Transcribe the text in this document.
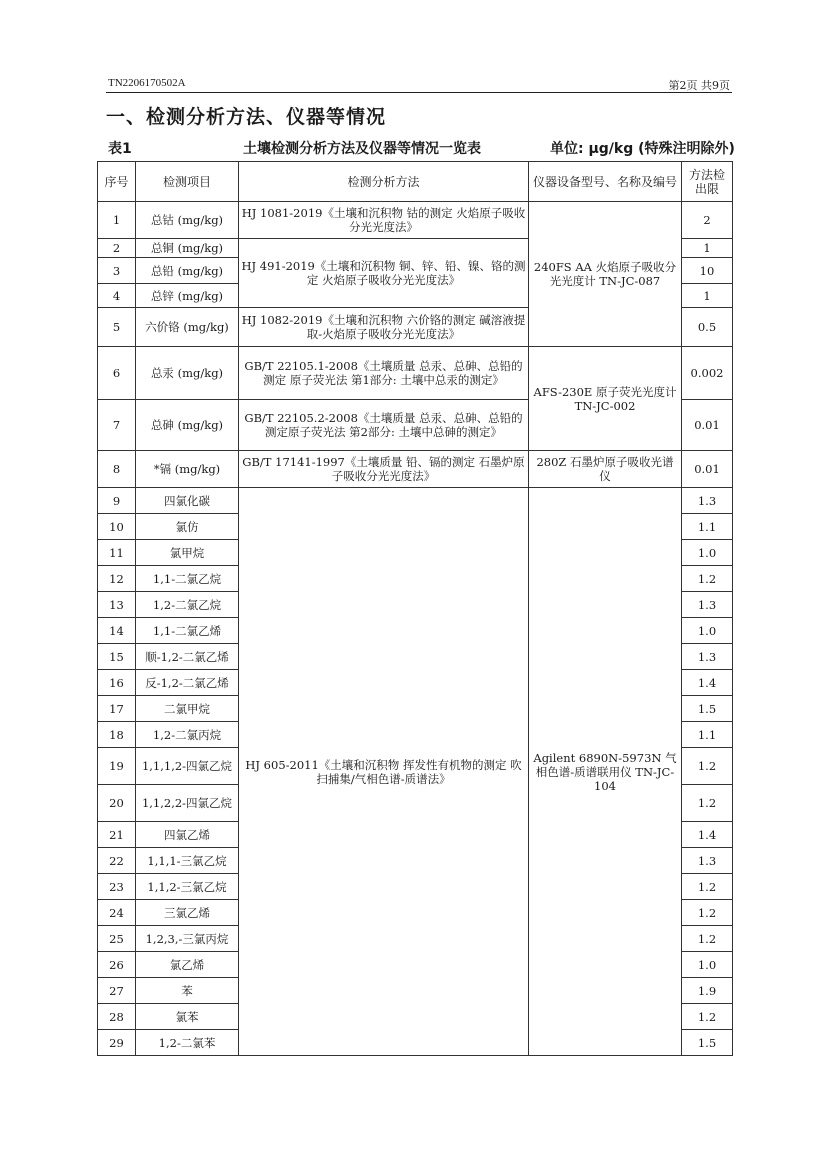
TN2206170502A	第2页 共9页
一、检测分析方法、仪器等情况
表1	土壤检测分析方法及仪器等情况一览表	单位: μg/kg (特殊注明除外)
序号	检测项目	检测分析方法	仪器设备型号、名称及编号	方法检出限
1	总钴 (mg/kg)	HJ 1081-2019《土壤和沉积物 钴的测定 火焰原子吸收分光光度法》	240FS AA 火焰原子吸收分光光度计 TN-JC-087	2
2	总铜 (mg/kg)	HJ 491-2019《土壤和沉积物 铜、锌、铅、镍、铬的测定 火焰原子吸收分光光度法》		1
3	总铅 (mg/kg)			10
4	总锌 (mg/kg)			1
5	六价铬 (mg/kg)	HJ 1082-2019《土壤和沉积物 六价铬的测定 碱溶液提取-火焰原子吸收分光光度法》		0.5
6	总汞 (mg/kg)	GB/T 22105.1-2008《土壤质量 总汞、总砷、总铅的测定 原子荧光法 第1部分: 土壤中总汞的测定》	AFS-230E 原子荧光光度计 TN-JC-002	0.002
7	总砷 (mg/kg)	GB/T 22105.2-2008《土壤质量 总汞、总砷、总铅的测定原子荧光法 第2部分: 土壤中总砷的测定》		0.01
8	*镉 (mg/kg)	GB/T 17141-1997《土壤质量 铅、镉的测定 石墨炉原子吸收分光光度法》	280Z 石墨炉原子吸收光谱仪	0.01
9	四氯化碳	HJ 605-2011《土壤和沉积物 挥发性有机物的测定 吹扫捕集/气相色谱-质谱法》	Agilent 6890N-5973N 气相色谱-质谱联用仪 TN-JC-104	1.3
10	氯仿			1.1
11	氯甲烷			1.0
12	1,1-二氯乙烷			1.2
13	1,2-二氯乙烷			1.3
14	1,1-二氯乙烯			1.0
15	顺-1,2-二氯乙烯			1.3
16	反-1,2-二氯乙烯			1.4
17	二氯甲烷			1.5
18	1,2-二氯丙烷			1.1
19	1,1,1,2-四氯乙烷			1.2
20	1,1,2,2-四氯乙烷			1.2
21	四氯乙烯			1.4
22	1,1,1-三氯乙烷			1.3
23	1,1,2-三氯乙烷			1.2
24	三氯乙烯			1.2
25	1,2,3,-三氯丙烷			1.2
26	氯乙烯			1.0
27	苯			1.9
28	氯苯			1.2
29	1,2-二氯苯			1.5
